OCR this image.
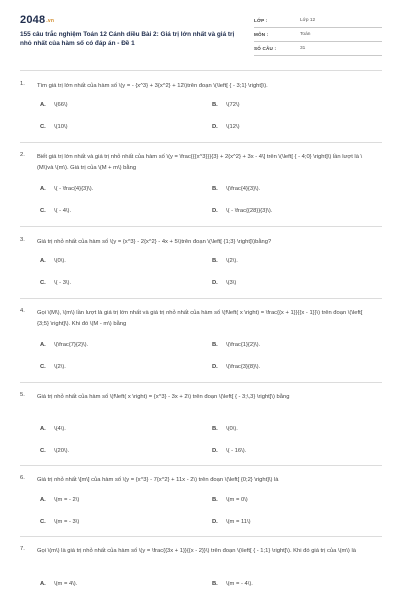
2048.vn
155 câu trắc nghiệm Toán 12 Cánh diều Bài 2: Giá trị lớn nhất và giá trị nhỏ nhất của hàm số có đáp án - Đề 1
LỚP :	Lớp 12
MÔN :	Toán
SỐ CÂU :	31
1. Tìm giá trị lớn nhất của hàm số \(y = - {x^3} + 3{x^2} + 12\)trên đoạn \(\left[ { - 3;1} \right]\).
A. \(66\)	B. \(72\)
C. \(10\)	D. \(12\)
2. Biết giá trị lớn nhất và giá trị nhỏ nhất của hàm số \(y = \frac{{{x^3}}}{3} + 2{x^2} + 3x - 4\] trên \(\left[ { - 4;0} \right]\) lần lượt là \(M\)và \(m\). Giá trị của \(M + m\) bằng
A. \( - \frac{4}{3}\).	B. \(\frac{4}{3}\).
C. \( - 4\).	D. \( - \frac{{28}}{3}\).
3. Giá trị nhỏ nhất của hàm số \(y = {x^3} - 2{x^2} - 4x + 5\)trên đoạn \(\left[ {1;3} \right]\)bằng?
A. \(0\).	B. \(2\).
C. \( - 3\).	D. \(3\)
4. Gọi \(M\), \(m\) lần lượt là giá trị lớn nhất và giá trị nhỏ nhất của hàm số \(f\left( x \right) = \frac{{x + 1}}{{x - 1}}\) trên đoạn \(\left[ {3;5} \right]\). Khi đó \(M - m\) bằng
A. \(\frac{7}{2}\).	B. \(\frac{1}{2}\).
C. \(2\).	D. \(\frac{3}{8}\).
5. Giá trị nhỏ nhất của hàm số \(f\left( x \right) = {x^3} - 3x + 2\) trên đoạn \(\left[ { - 3;\,3} \right]\) bằng
A. \(4\).	B. \(0\).
C. \(20\).	D. \( - 16\).
6. Giá trị nhỏ nhất \[m\] của hàm số \(y = {x^3} - 7{x^2} + 11x - 2\) trên đoạn \(\left[ {0;2} \right]\) là
A. \(m = - 2\)	B. \(m = 0\)
C. \(m = - 3\)	D. \(m = 11\)
7. Gọi \(m\) là giá trị nhỏ nhất của hàm số \(y = \frac{{3x + 1}}{{x - 2}}\) trên đoạn \(\left[ { - 1;1} \right]\). Khi đó giá trị của \(m\) là
A. \(m = 4\).	B. \(m = - 4\).
